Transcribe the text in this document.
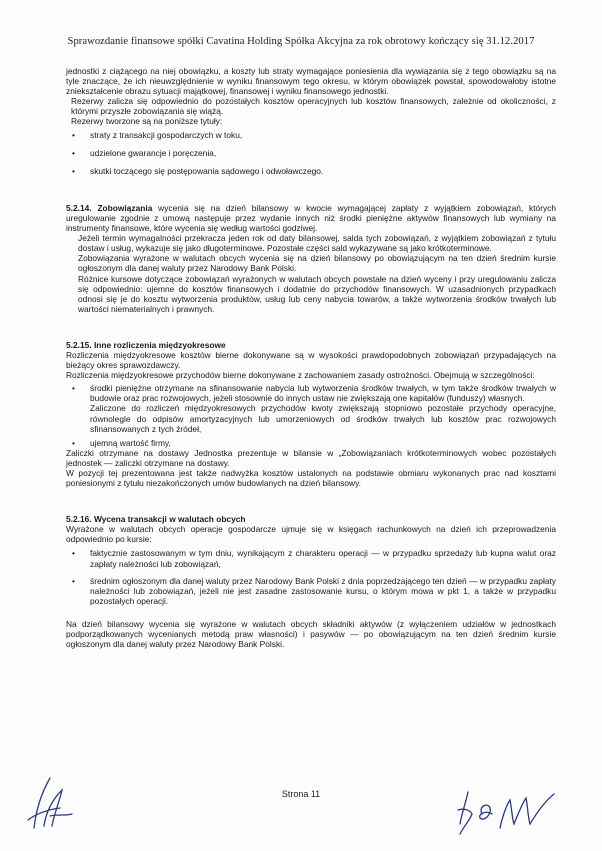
Sprawozdanie finansowe spółki Cavatina Holding Spółka Akcyjna za rok obrotowy kończący się 31.12.2017

jednostki z ciążącego na niej obowiązku, a koszty lub straty wymagające poniesienia dla wywiązania się z tego obowiązku są na tyle znaczące, że ich nieuwzględnienie w wyniku finansowym tego okresu, w którym obowiązek powstał, spowodowałoby istotne zniekształcenie obrazu sytuacji majątkowej, finansowej i wyniku finansowego jednostki.

Rezerwy zalicza się odpowiednio do pozostałych kosztów operacyjnych lub kosztów finansowych, zależnie od okoliczności, z którymi przyszłe zobowiązania się wiążą.

Rezerwy tworzone są na poniższe tytuły:

• straty z transakcji gospodarczych w toku,
• udzielone gwarancje i poręczenia,
• skutki toczącego się postępowania sądowego i odwoławczego.

5.2.14. Zobowiązania wycenia się na dzień bilansowy w kwocie wymagającej zapłaty z wyjątkiem zobowiązań, których uregulowanie zgodnie z umową następuje przez wydanie innych niż środki pieniężne aktywów finansowych lub wymiany na instrumenty finansowe, które wycenia się według wartości godziwej.

Jeżeli termin wymagalności przekracza jeden rok od daty bilansowej, salda tych zobowiązań, z wyjątkiem zobowiązań z tytułu dostaw i usług, wykazuje się jako długoterminowe. Pozostałe części sald wykazywane są jako krótkoterminowe.

Zobowiązania wyrażone w walutach obcych wycenia się na dzień bilansowy po obowiązującym na ten dzień średnim kursie ogłoszonym dla danej waluty przez Narodowy Bank Polski.

Różnice kursowe dotyczące zobowiązań wyrażonych w walutach obcych powstałe na dzień wyceny i przy uregulowaniu zalicza się odpowiednio: ujemne do kosztów finansowych i dodatnie do przychodów finansowych. W uzasadnionych przypadkach odnosi się je do kosztu wytworzenia produktów, usług lub ceny nabycia towarów, a także wytworzenia środków trwałych lub wartości niematerialnych i prawnych.

5.2.15. Inne rozliczenia międzyokresowe

Rozliczenia międzyokresowe kosztów bierne dokonywane są w wysokości prawdopodobnych zobowiązań przypadających na bieżący okres sprawozdawczy.

Rozliczenia międzyokresowe przychodów bierne dokonywane z zachowaniem zasady ostrożności. Obejmują w szczególności:

• środki pieniężne otrzymane na sfinansowanie nabycia lub wytworzenia środków trwałych, w tym także środków trwałych w budowie oraz prac rozwojowych, jeżeli stosownie do innych ustaw nie zwiększają one kapitałów (funduszy) własnych.

Zaliczone do rozliczeń międzyokresowych przychodów kwoty zwiększają stopniowo pozostałe przychody operacyjne, równolegle do odpisów amortyzacyjnych lub umorzeniowych od środków trwałych lub kosztów prac rozwojowych sfinansowanych z tych źródeł,

• ujemną wartość firmy,

Zaliczki otrzymane na dostawy Jednostka prezentuje w bilansie w „Zobowiązaniach krótkoterminowych wobec pozostałych jednostek — zaliczki otrzymane na dostawy.

W pozycji tej prezentowana jest także nadwyżka kosztów ustalonych na podstawie obmiaru wykonanych prac nad kosztami poniesionymi z tytułu niezakończonych umów budowlanych na dzień bilansowy.

5.2.16. Wycena transakcji w walutach obcych

Wyrażone w walutach obcych operacje gospodarcze ujmuje się w księgach rachunkowych na dzień ich przeprowadzenia odpowiednio po kursie:

• faktycznie zastosowanym w tym dniu, wynikającym z charakteru operacji — w przypadku sprzedaży lub kupna walut oraz zapłaty należności lub zobowiązań,

• średnim ogłoszonym dla danej waluty przez Narodowy Bank Polski z dnia poprzedzającego ten dzień — w przypadku zapłaty należności lub zobowiązań, jeżeli nie jest zasadne zastosowanie kursu, o którym mowa w pkt 1, a także w przypadku pozostałych operacji.

Na dzień bilansowy wycenia się wyrażone w walutach obcych składniki aktywów (z wyłączeniem udziałów w jednostkach podporządkowanych wycenianych metodą praw własności) i pasywów — po obowiązującym na ten dzień średnim kursie ogłoszonym dla danej waluty przez Narodowy Bank Polski.

Strona 11
